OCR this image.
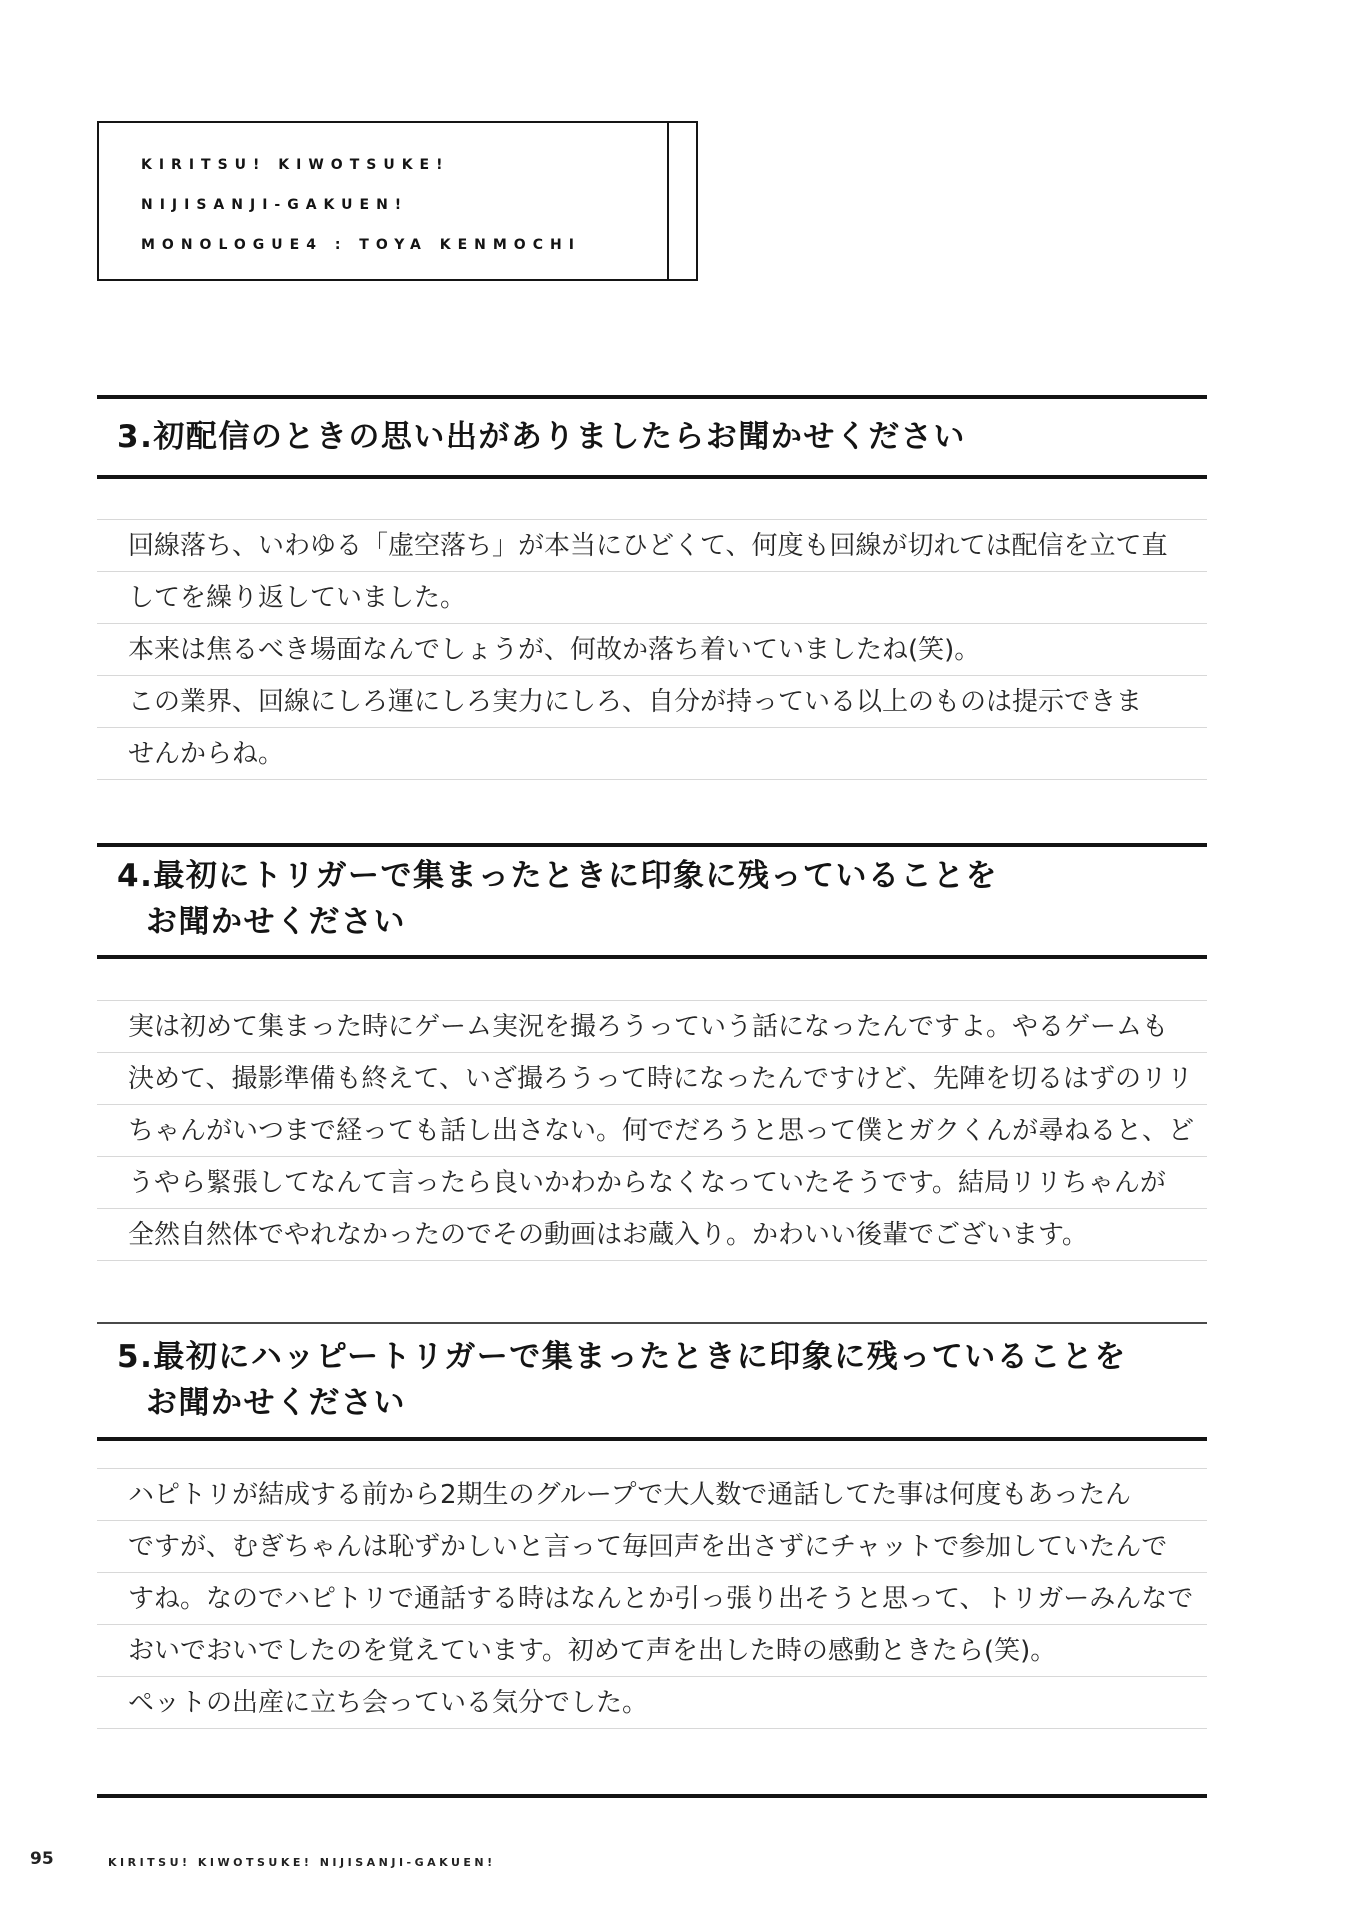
KIRITSU! KIWOTSUKE!
NIJISANJI-GAKUEN!
MONOLOGUE4 : TOYA KENMOCHI
3.初配信のときの思い出がありましたらお聞かせください
回線落ち、いわゆる「虚空落ち」が本当にひどくて、何度も回線が切れては配信を立て直
してを繰り返していました。
本来は焦るべき場面なんでしょうが、何故か落ち着いていましたね(笑)。
この業界、回線にしろ運にしろ実力にしろ、自分が持っている以上のものは提示できま
せんからね。
4.最初にトリガーで集まったときに印象に残っていることを
お聞かせください
実は初めて集まった時にゲーム実況を撮ろうっていう話になったんですよ。やるゲームも
決めて、撮影準備も終えて、いざ撮ろうって時になったんですけど、先陣を切るはずのリリ
ちゃんがいつまで経っても話し出さない。何でだろうと思って僕とガクくんが尋ねると、ど
うやら緊張してなんて言ったら良いかわからなくなっていたそうです。結局リリちゃんが
全然自然体でやれなかったのでその動画はお蔵入り。かわいい後輩でございます。
5.最初にハッピートリガーで集まったときに印象に残っていることを
お聞かせください
ハピトリが結成する前から2期生のグループで大人数で通話してた事は何度もあったん
ですが、むぎちゃんは恥ずかしいと言って毎回声を出さずにチャットで参加していたんで
すね。なのでハピトリで通話する時はなんとか引っ張り出そうと思って、トリガーみんなで
おいでおいでしたのを覚えています。初めて声を出した時の感動ときたら(笑)。
ペットの出産に立ち会っている気分でした。
95	KIRITSU! KIWOTSUKE! NIJISANJI-GAKUEN!
